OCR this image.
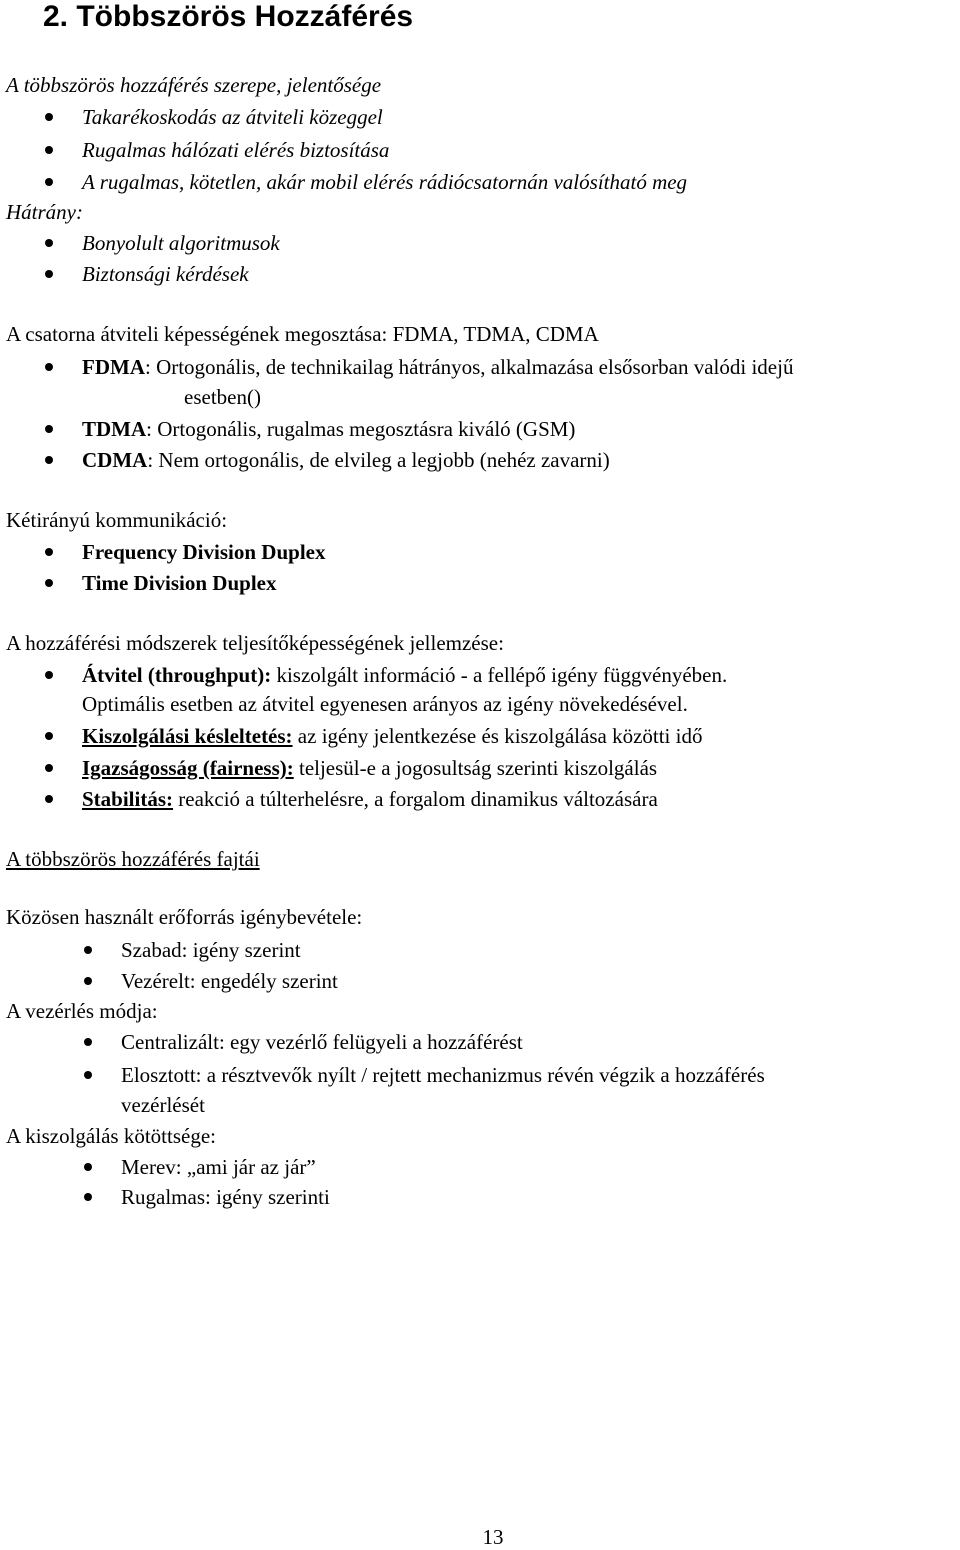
2. Többszörös Hozzáférés
A többszörös hozzáférés szerepe, jelentősége
Takarékoskodás az átviteli közeggel
Rugalmas hálózati elérés biztosítása
A rugalmas, kötetlen, akár mobil elérés rádiócsatornán valósítható meg
Hátrány:
Bonyolult algoritmusok
Biztonsági kérdések
A csatorna átviteli képességének megosztása: FDMA, TDMA, CDMA
FDMA: Ortogonális, de technikailag hátrányos, alkalmazása elsősorban valódi idejű
esetben()
TDMA: Ortogonális, rugalmas megosztásra kiváló (GSM)
CDMA: Nem ortogonális, de elvileg a legjobb (nehéz zavarni)
Kétirányú kommunikáció:
Frequency Division Duplex
Time Division Duplex
A hozzáférési módszerek teljesítőképességének jellemzése:
Átvitel (throughput): kiszolgált információ - a fellépő igény függvényében.
Optimális esetben az átvitel egyenesen arányos az igény növekedésével.
Kiszolgálási késleltetés: az igény jelentkezése és kiszolgálása közötti idő
Igazságosság (fairness): teljesül-e a jogosultság szerinti kiszolgálás
Stabilitás: reakció a túlterhelésre, a forgalom dinamikus változására
A többszörös hozzáférés fajtái
Közösen használt erőforrás igénybevétele:
Szabad: igény szerint
Vezérelt: engedély szerint
A vezérlés módja:
Centralizált: egy vezérlő felügyeli a hozzáférést
Elosztott: a résztvevők nyílt / rejtett mechanizmus révén végzik a hozzáférés
vezérlését
A kiszolgálás kötöttsége:
Merev: „ami jár az jár”
Rugalmas: igény szerinti
13
